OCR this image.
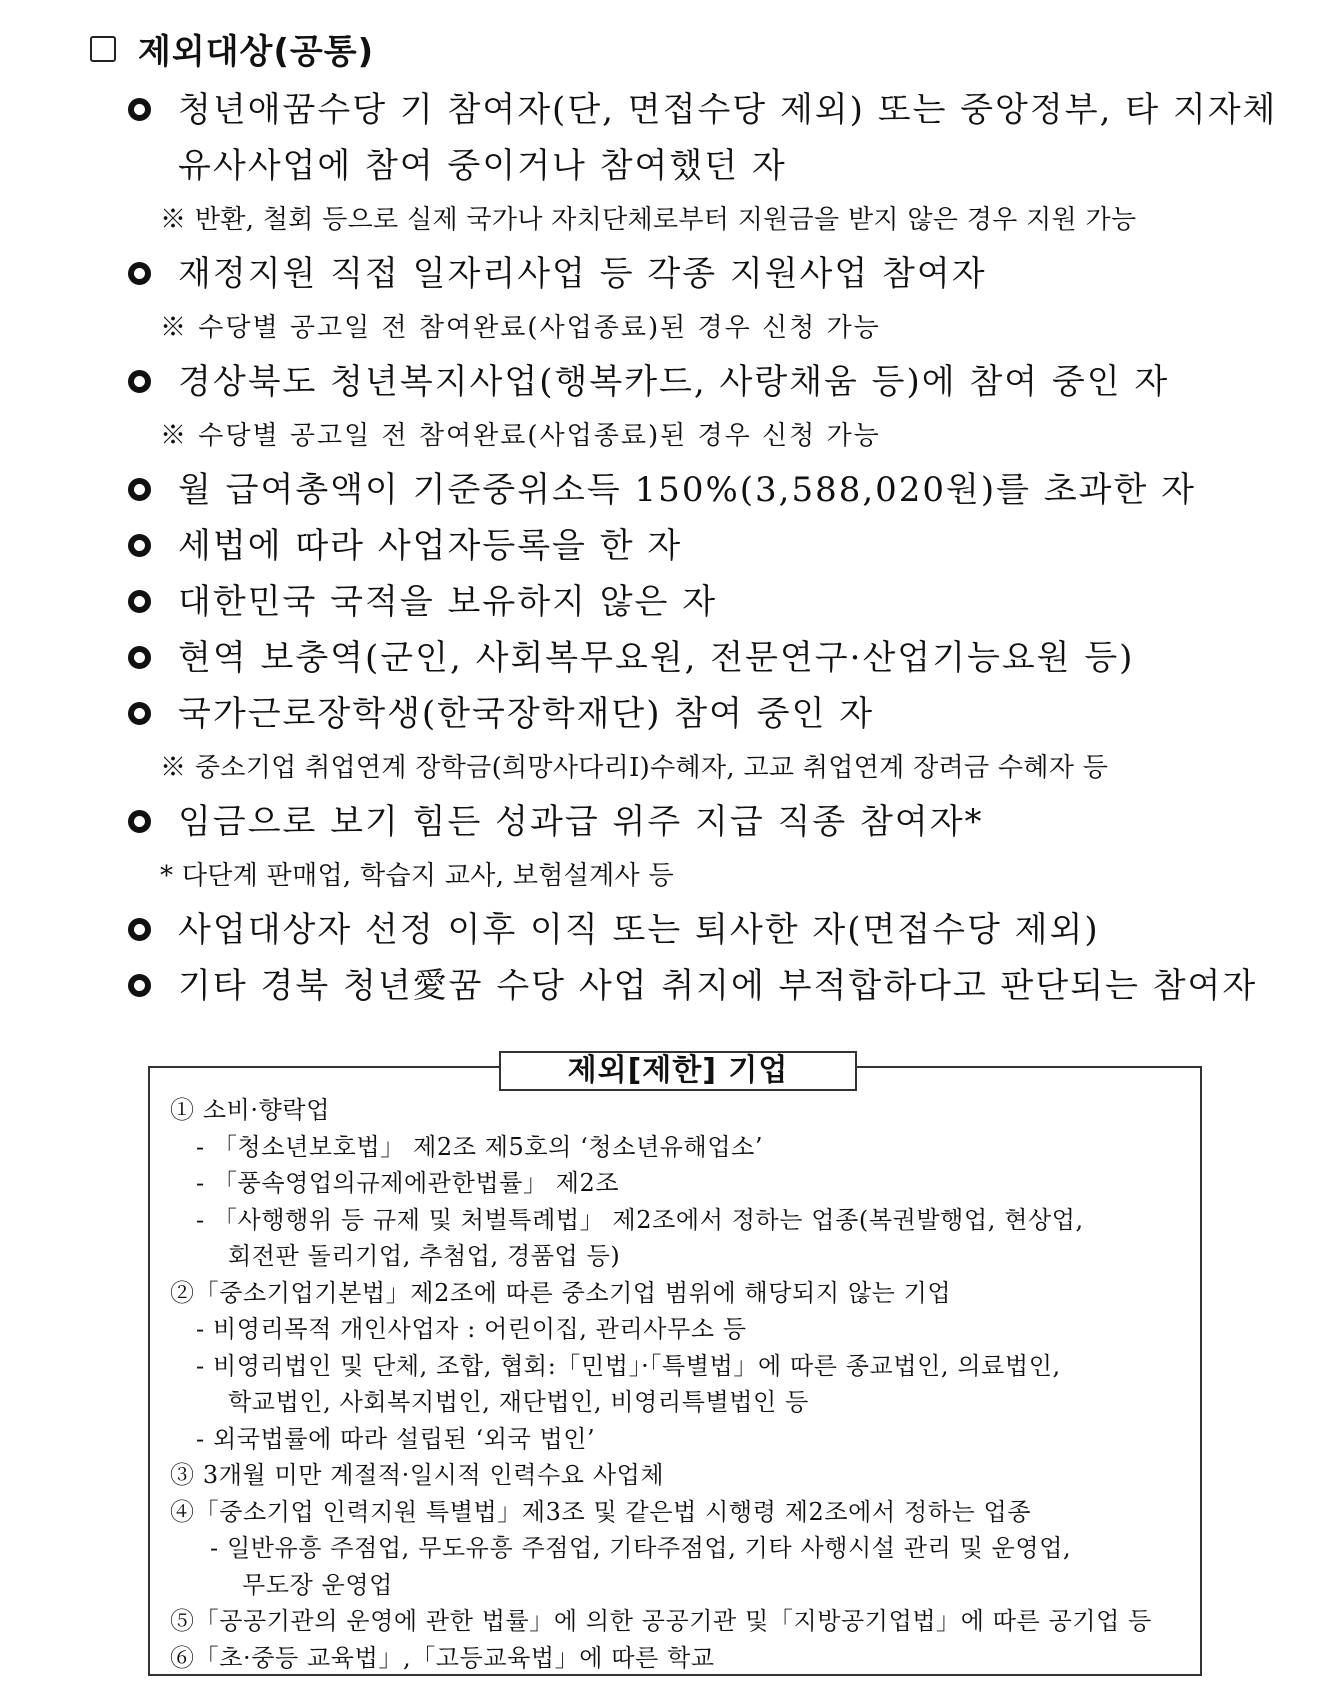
제외대상(공통)
청년애꿈수당 기 참여자(단, 면접수당 제외) 또는 중앙정부, 타 지자체
유사사업에 참여 중이거나 참여했던 자
※ 반환, 철회 등으로 실제 국가나 자치단체로부터 지원금을 받지 않은 경우 지원 가능
재정지원 직접 일자리사업 등 각종 지원사업 참여자
※ 수당별 공고일 전 참여완료(사업종료)된 경우 신청 가능
경상북도 청년복지사업(행복카드, 사랑채움 등)에 참여 중인 자
※ 수당별 공고일 전 참여완료(사업종료)된 경우 신청 가능
월 급여총액이 기준중위소득 150%(3,588,020원)를 초과한 자
세법에 따라 사업자등록을 한 자
대한민국 국적을 보유하지 않은 자
현역 보충역(군인, 사회복무요원, 전문연구·산업기능요원 등)
국가근로장학생(한국장학재단) 참여 중인 자
※ 중소기업 취업연계 장학금(희망사다리Ⅰ)수혜자, 고교 취업연계 장려금 수혜자 등
임금으로 보기 힘든 성과급 위주 지급 직종 참여자*
* 다단계 판매업, 학습지 교사, 보험설계사 등
사업대상자 선정 이후 이직 또는 퇴사한 자(면접수당 제외)
기타 경북 청년愛꿈 수당 사업 취지에 부적합하다고 판단되는 참여자
제외[제한] 기업
① 소비·향락업
- 「청소년보호법」 제2조 제5호의 ‘청소년유해업소’
- 「풍속영업의규제에관한법률」 제2조
- 「사행행위 등 규제 및 처벌특례법」 제2조에서 정하는 업종(복권발행업, 현상업,
회전판 돌리기업, 추첨업, 경품업 등)
②「중소기업기본법」제2조에 따른 중소기업 범위에 해당되지 않는 기업
- 비영리목적 개인사업자 : 어린이집, 관리사무소 등
- 비영리법인 및 단체, 조합, 협회:「민법」·「특별법」에 따른 종교법인, 의료법인,
학교법인, 사회복지법인, 재단법인, 비영리특별법인 등
- 외국법률에 따라 설립된 ‘외국 법인’
③ 3개월 미만 계절적·일시적 인력수요 사업체
④「중소기업 인력지원 특별법」제3조 및 같은법 시행령 제2조에서 정하는 업종
- 일반유흥 주점업, 무도유흥 주점업, 기타주점업, 기타 사행시설 관리 및 운영업,
무도장 운영업
⑤「공공기관의 운영에 관한 법률」에 의한 공공기관 및「지방공기업법」에 따른 공기업 등
⑥「초·중등 교육법」,「고등교육법」에 따른 학교
